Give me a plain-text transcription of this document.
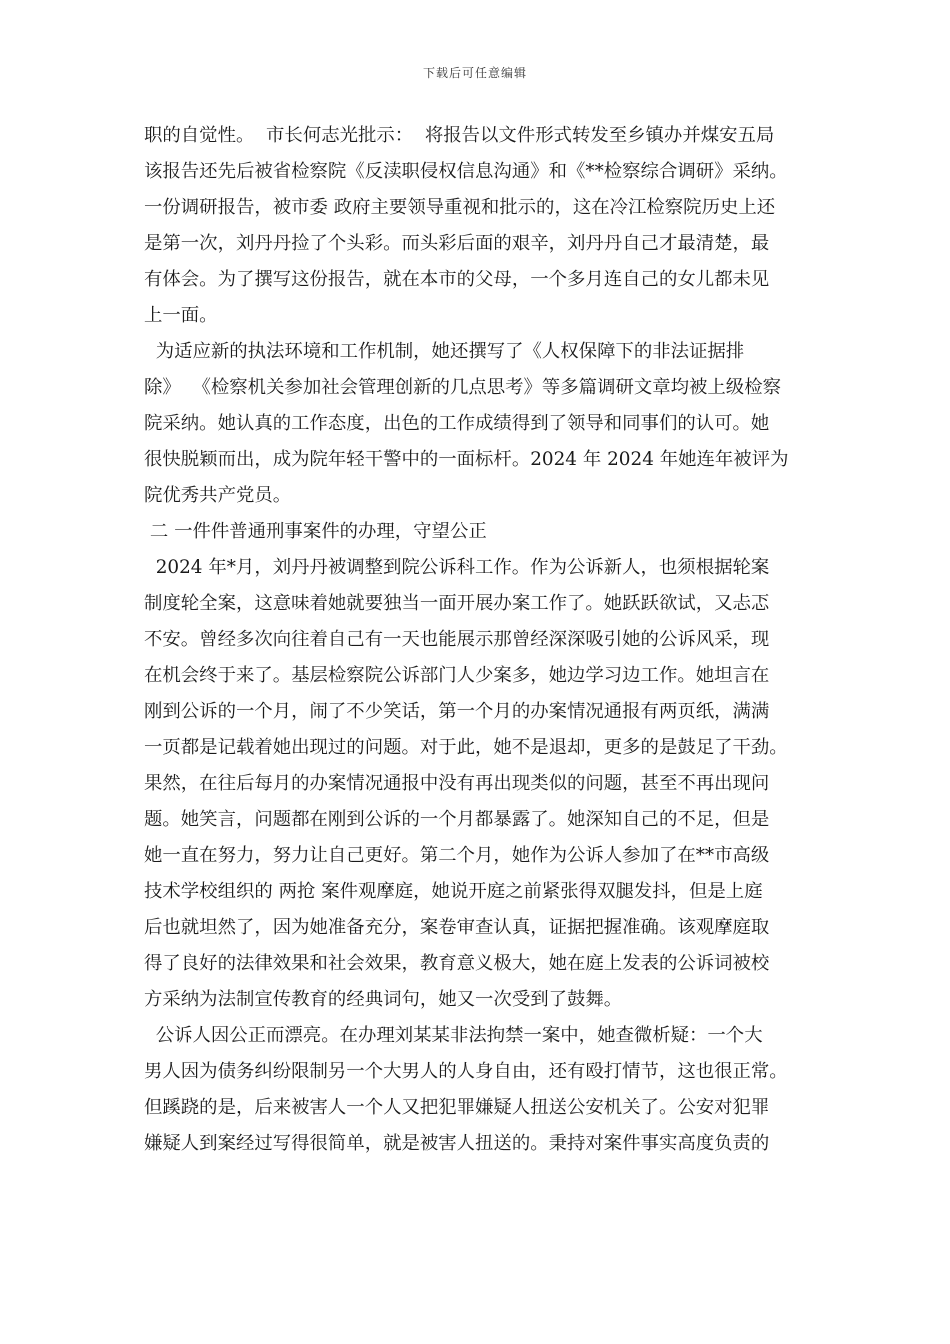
下载后可任意编辑
职的自觉性。  市长何志光批示：  将报告以文件形式转发至乡镇办并煤安五局
该报告还先后被省检察院《反渎职侵权信息沟通》和《**检察综合调研》采纳。
一份调研报告，被市委 政府主要领导重视和批示的，这在冷江检察院历史上还
是第一次，刘丹丹捡了个头彩。而头彩后面的艰辛，刘丹丹自己才最清楚，最
有体会。为了撰写这份报告，就在本市的父母，一个多月连自己的女儿都未见
上一面。
为适应新的执法环境和工作机制，她还撰写了《人权保障下的非法证据排
除》  《检察机关参加社会管理创新的几点思考》等多篇调研文章均被上级检察
院采纳。她认真的工作态度，出色的工作成绩得到了领导和同事们的认可。她
很快脱颖而出，成为院年轻干警中的一面标杆。2024 年 2024 年她连年被评为
院优秀共产党员。
二 一件件普通刑事案件的办理，守望公正
2024 年*月，刘丹丹被调整到院公诉科工作。作为公诉新人，也须根据轮案
制度轮全案，这意味着她就要独当一面开展办案工作了。她跃跃欲试，又忐忑
不安。曾经多次向往着自己有一天也能展示那曾经深深吸引她的公诉风采，现
在机会终于来了。基层检察院公诉部门人少案多，她边学习边工作。她坦言在
刚到公诉的一个月，闹了不少笑话，第一个月的办案情况通报有两页纸，满满
一页都是记载着她出现过的问题。对于此，她不是退却，更多的是鼓足了干劲。
果然，在往后每月的办案情况通报中没有再出现类似的问题，甚至不再出现问
题。她笑言，问题都在刚到公诉的一个月都暴露了。她深知自己的不足，但是
她一直在努力，努力让自己更好。第二个月，她作为公诉人参加了在**市高级
技术学校组织的 两抢 案件观摩庭，她说开庭之前紧张得双腿发抖，但是上庭
后也就坦然了，因为她准备充分，案卷审查认真，证据把握准确。该观摩庭取
得了良好的法律效果和社会效果，教育意义极大，她在庭上发表的公诉词被校
方采纳为法制宣传教育的经典词句，她又一次受到了鼓舞。
公诉人因公正而漂亮。在办理刘某某非法拘禁一案中，她查微析疑：一个大
男人因为债务纠纷限制另一个大男人的人身自由，还有殴打情节，这也很正常。
但蹊跷的是，后来被害人一个人又把犯罪嫌疑人扭送公安机关了。公安对犯罪
嫌疑人到案经过写得很简单，就是被害人扭送的。秉持对案件事实高度负责的
